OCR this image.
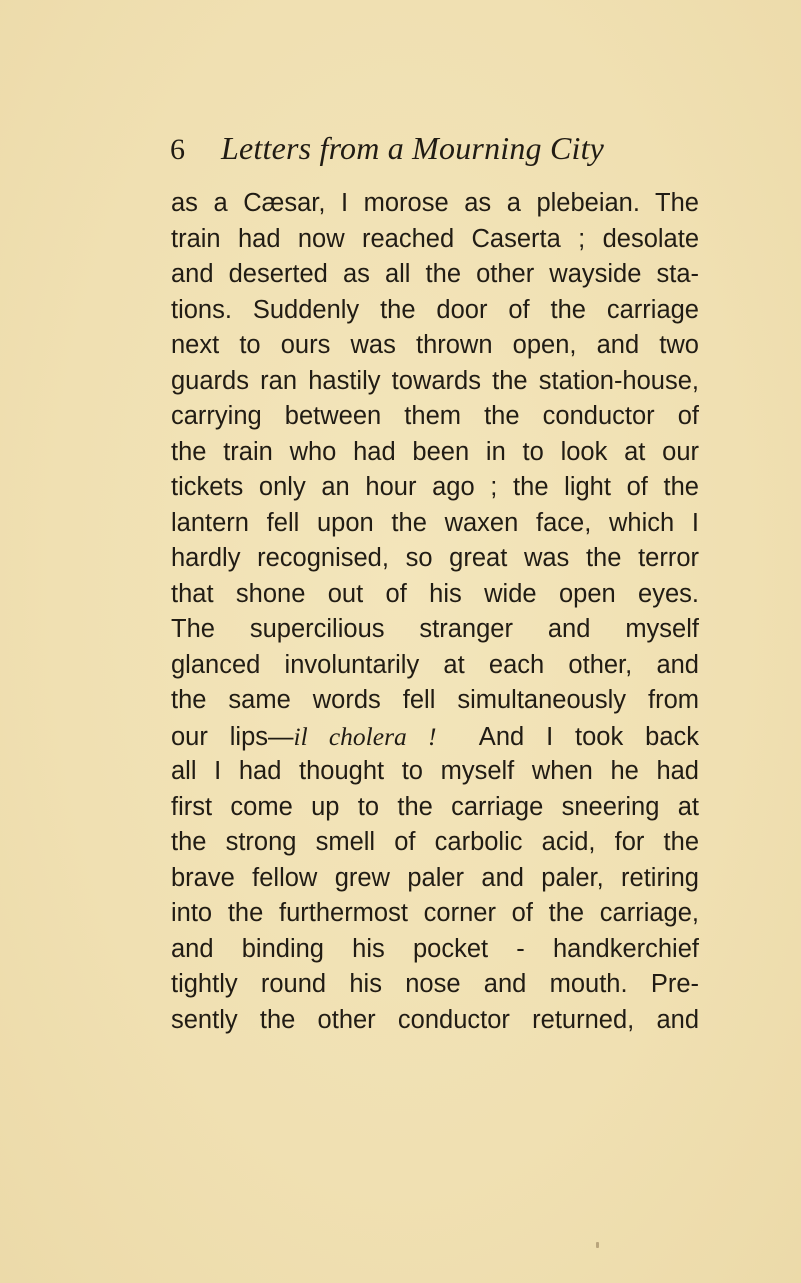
6 Letters from a Mourning City
as a Cæsar, I morose as a plebeian. The
train had now reached Caserta ; desolate
and deserted as all the other wayside sta-
tions. Suddenly the door of the carriage
next to ours was thrown open, and two
guards ran hastily towards the station-house,
carrying between them the conductor of
the train who had been in to look at our
tickets only an hour ago ; the light of the
lantern fell upon the waxen face, which I
hardly recognised, so great was the terror
that shone out of his wide open eyes.
The supercilious stranger and myself
glanced involuntarily at each other, and
the same words fell simultaneously from
our lips—il cholera !  And I took back
all I had thought to myself when he had
first come up to the carriage sneering at
the strong smell of carbolic acid, for the
brave fellow grew paler and paler, retiring
into the furthermost corner of the carriage,
and binding his pocket - handkerchief
tightly round his nose and mouth. Pre-
sently the other conductor returned, and
